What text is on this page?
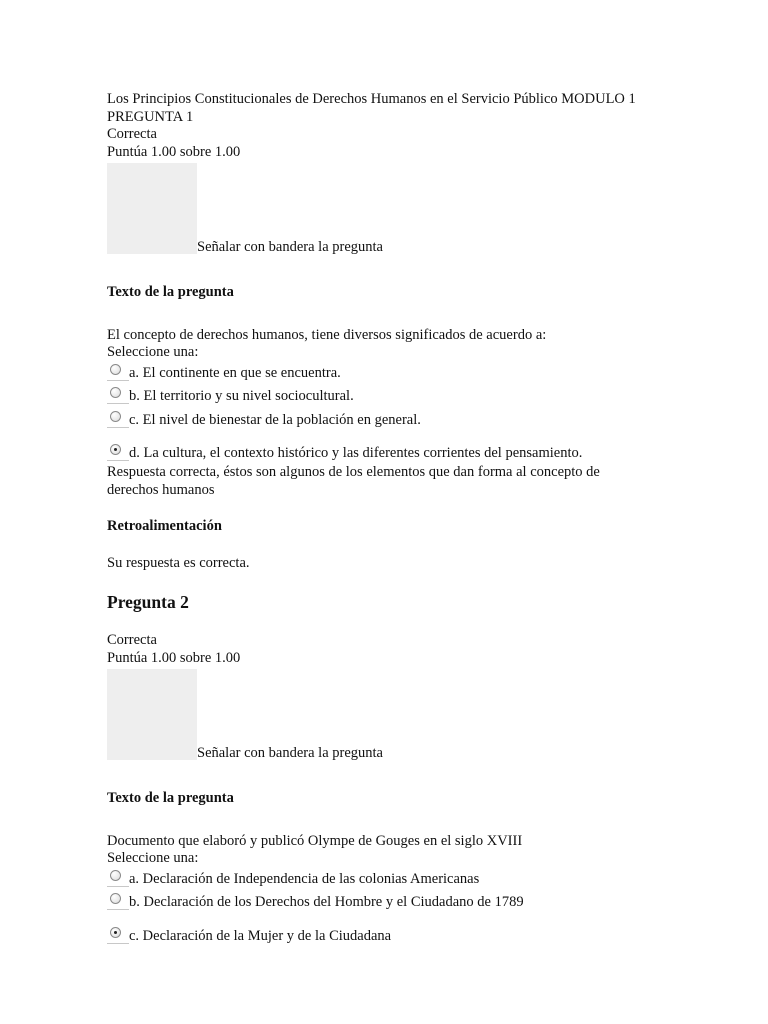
Los Principios Constitucionales de Derechos Humanos en el Servicio Público MODULO 1
PREGUNTA 1
Correcta
Puntúa 1.00 sobre 1.00
Señalar con bandera la pregunta
Texto de la pregunta
El concepto de derechos humanos, tiene diversos significados de acuerdo a:
Seleccione una:
a. El continente en que se encuentra.
b. El territorio y su nivel sociocultural.
c. El nivel de bienestar de la población en general.
d. La cultura, el contexto histórico y las diferentes corrientes del pensamiento.
Respuesta correcta, éstos son algunos de los elementos que dan forma al concepto de
derechos humanos
Retroalimentación
Su respuesta es correcta.
Pregunta 2
Correcta
Puntúa 1.00 sobre 1.00
Señalar con bandera la pregunta
Texto de la pregunta
Documento que elaboró y publicó Olympe de Gouges en el siglo XVIII
Seleccione una:
a. Declaración de Independencia de las colonias Americanas
b. Declaración de los Derechos del Hombre y el Ciudadano de 1789
c. Declaración de la Mujer y de la Ciudadana
